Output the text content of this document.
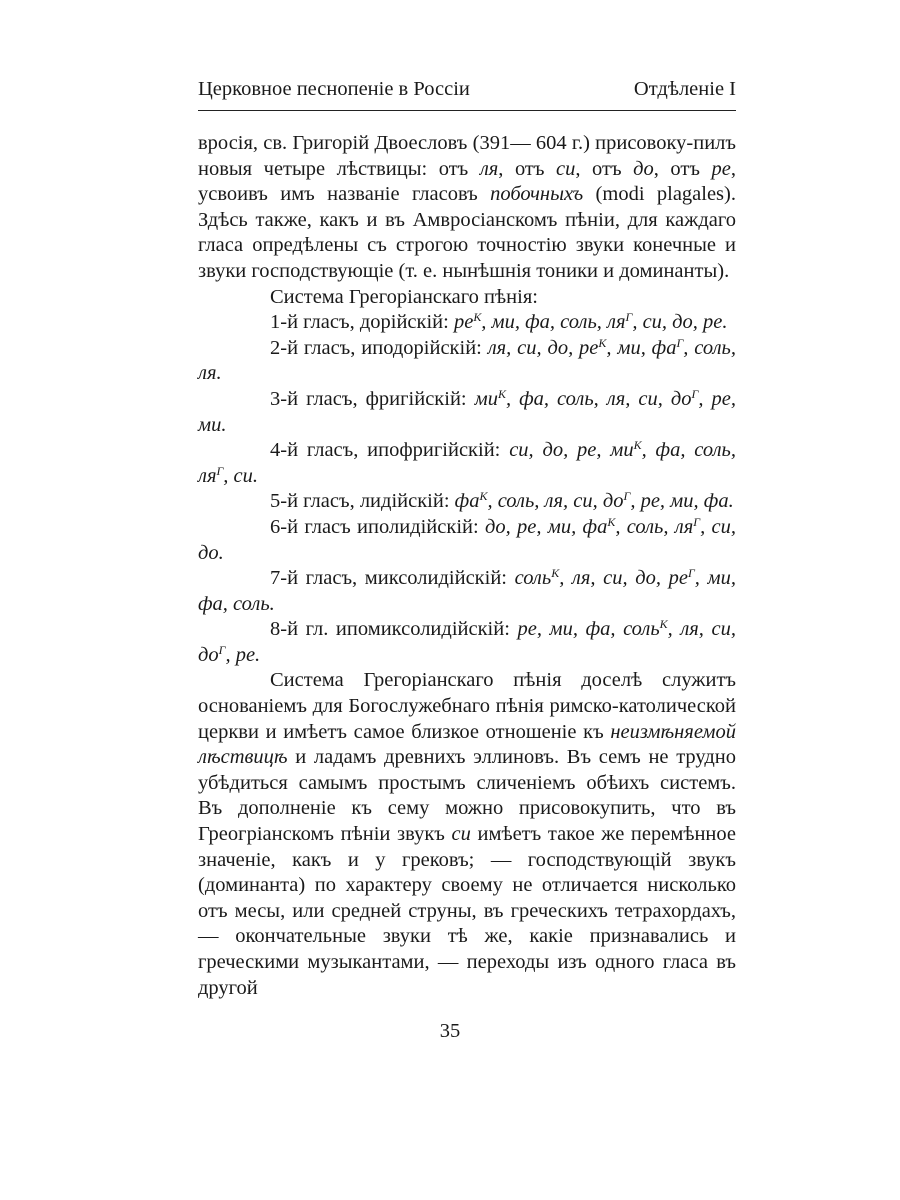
Церковное песнопеніе в Россіи	Отдѣленіе I

вросія, св. Григорій Двоесловъ (391— 604 г.) присовоку-пилъ новыя четыре лѣствицы: отъ ля, отъ си, отъ до, отъ ре, усвоивъ имъ названіе гласовъ побочныхъ (modi plagales). Здѣсь также, какъ и въ Амвросіанскомъ пѣніи, для каждаго гласа опредѣлены съ строгою точностію звуки конечные и звуки господствующіе (т. е. нынѣшнія тоники и доминанты).

Система Грегоріанскаго пѣнія:

1-й гласъ, дорійскій: $ре^К$, ми, фа, соль, $ля^Г$, си, до, ре.

2-й гласъ, иподорійскій: ля, си, до, $ре^К$, ми, $фа^Г$, соль, ля.

3-й гласъ, фригійскій: $ми^К$, фа, соль, ля, си, $до^Г$, ре, ми.

4-й гласъ, ипофригійскій: си, до, ре, $ми^К$, фа, соль, $ля^Г$, си.

5-й гласъ, лидійскій: $фа^К$, соль, ля, си, $до^Г$, ре, ми, фа.

6-й гласъ иполидійскій: до, ре, ми, $фа^К$, соль, $ля^Г$, си, до.

7-й гласъ, миксолидійскій: соль$^К$, ля, си, до, $ре^Г$, ми, фа, соль.

8-й гл. ипомиксолидійскій: ре, ми, фа, соль$^К$, ля, си, $до^Г$, ре.

Система Грегоріанскаго пѣнія доселѣ служитъ основаніемъ для Богослужебнаго пѣнія римско-католической церкви и имѣетъ самое близкое отношеніе къ неизмѣняемой лѣствицѣ и ладамъ древнихъ эллиновъ. Въ семъ не трудно убѣдиться самымъ простымъ сличеніемъ обѣихъ системъ. Въ дополненіе къ сему можно присовокупить, что въ Греогріанскомъ пѣніи звукъ си имѣетъ такое же перемѣнное значеніе, какъ и у грековъ; — господствующій звукъ (доминанта) по характеру своему не отличается нисколько отъ месы, или средней струны, въ греческихъ тетрахордахъ, — окончательные звуки тѣ же, какіе признавались и греческими музыкантами, — переходы изъ одного гласа въ другой

35
